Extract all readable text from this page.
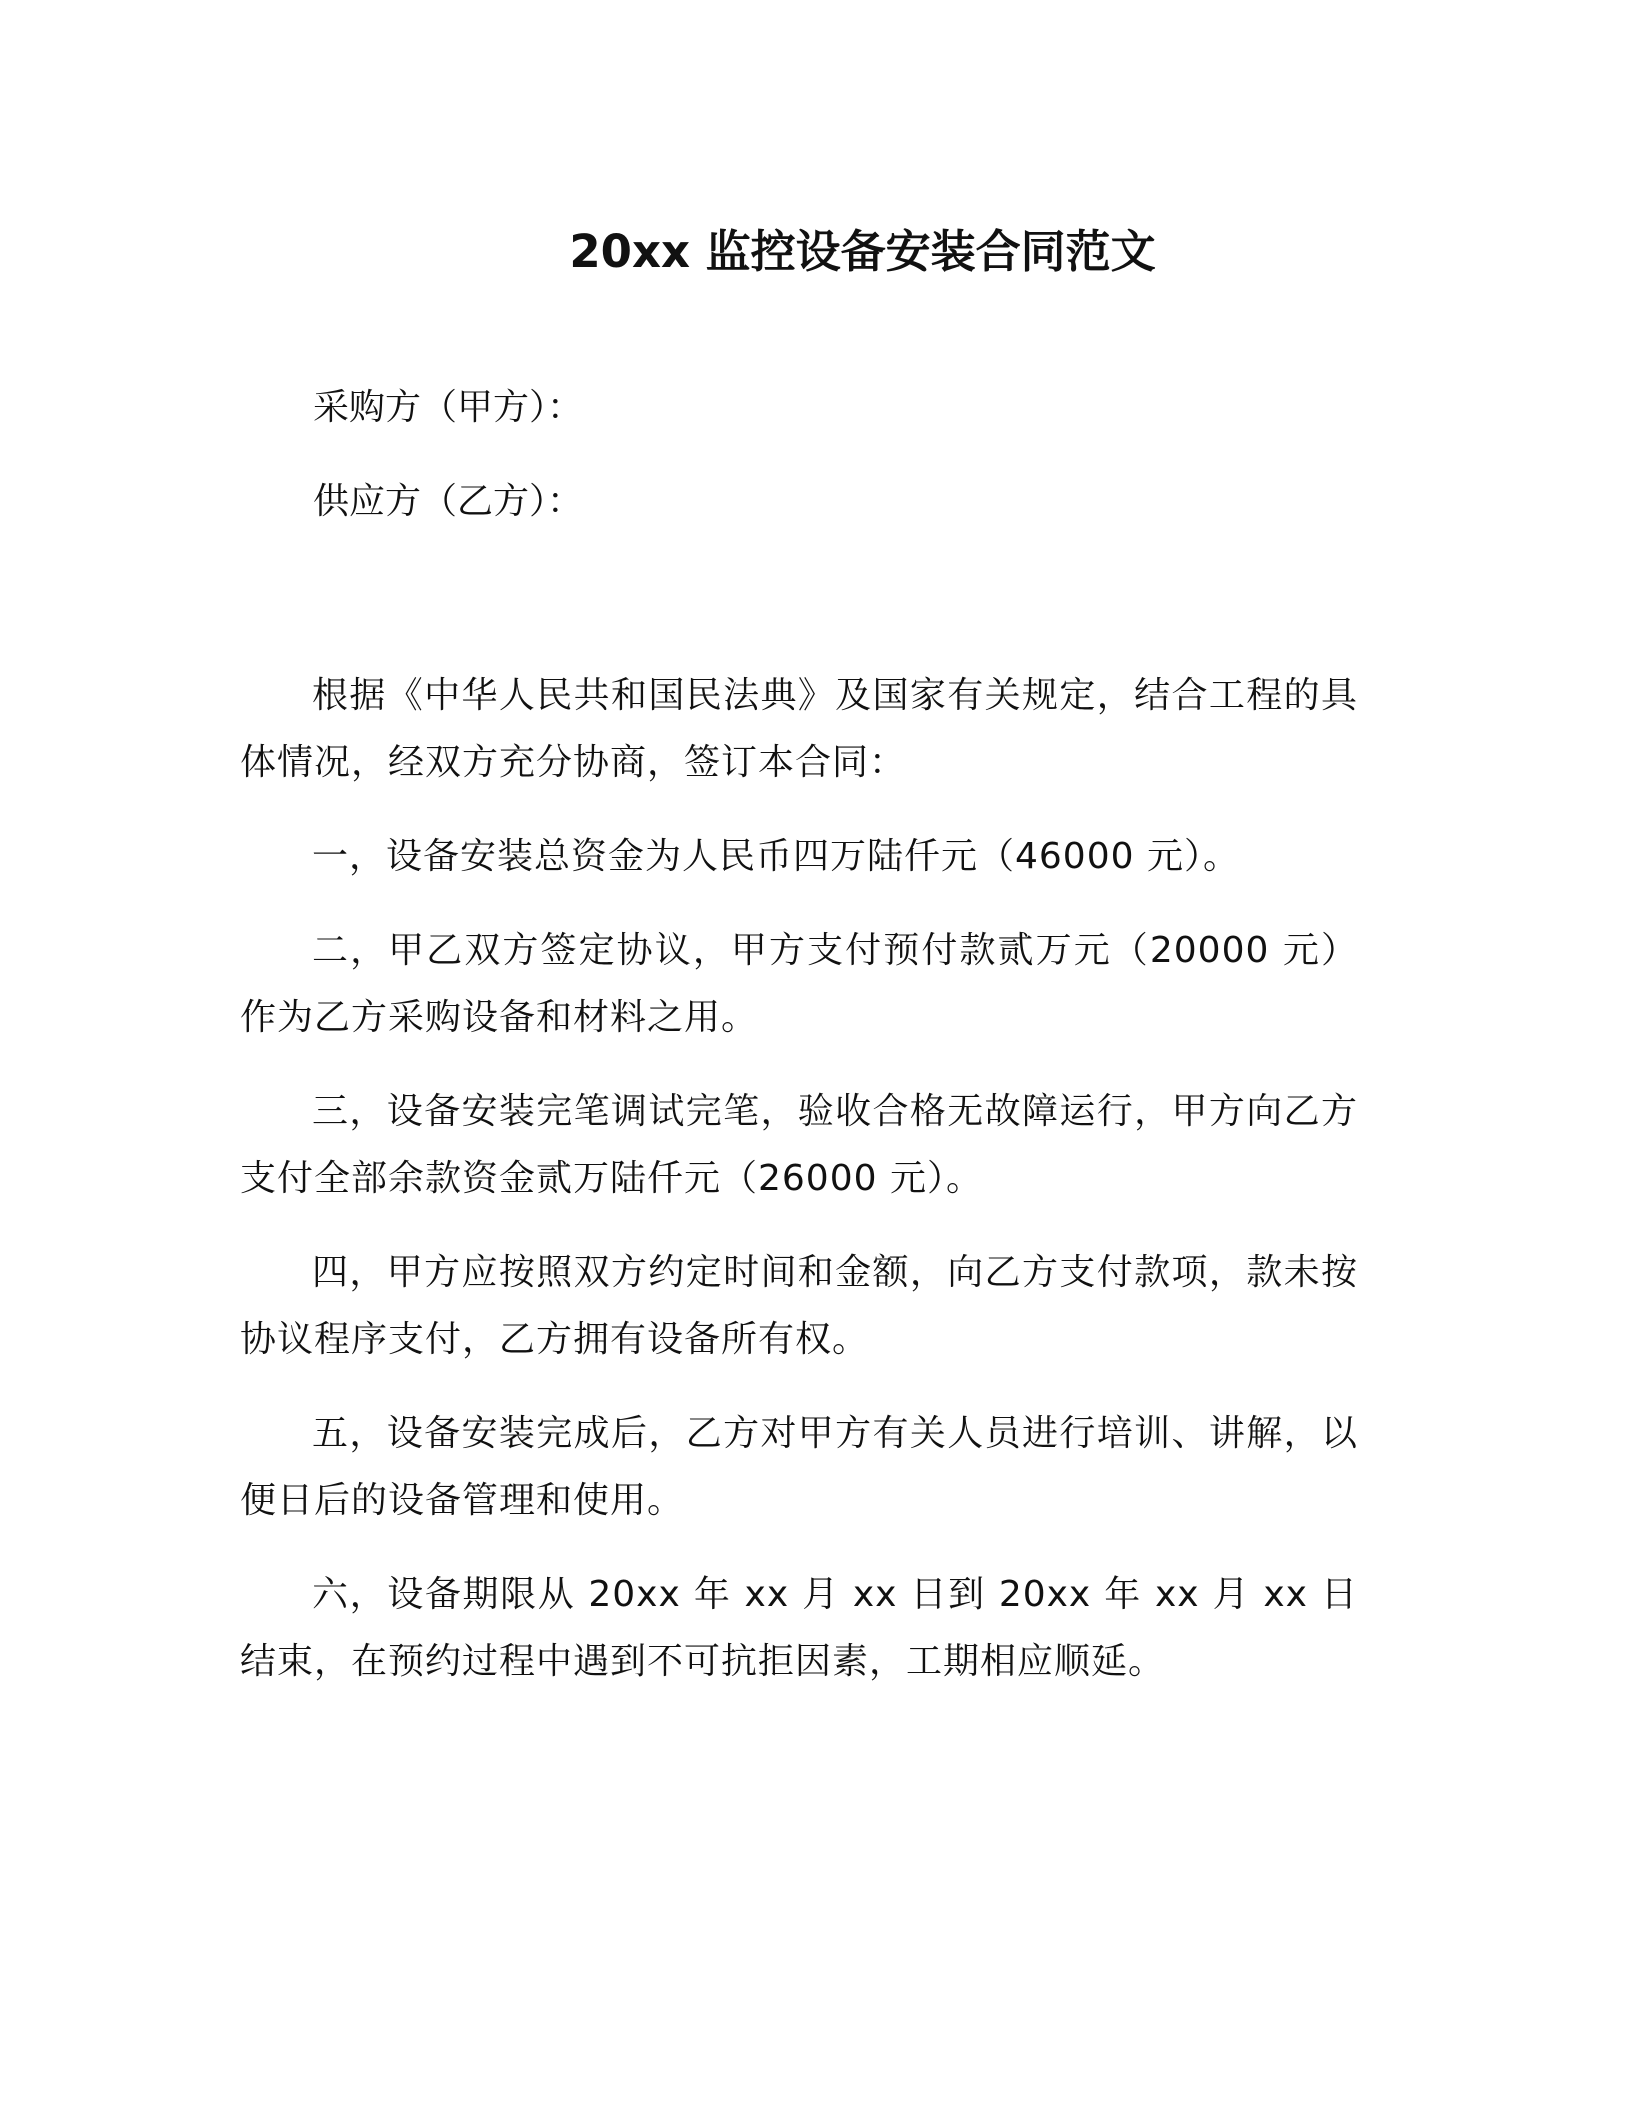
20xx 监控设备安装合同范文
采购方（甲方）：
供应方（乙方）：

根据《中华人民共和国民法典》及国家有关规定，结合工程的具体情况，经双方充分协商，签订本合同：

一，设备安装总资金为人民币四万陆仟元（46000 元）。

二，甲乙双方签定协议，甲方支付预付款贰万元（20000 元）作为乙方采购设备和材料之用。

三，设备安装完笔调试完笔，验收合格无故障运行，甲方向乙方支付全部余款资金贰万陆仟元（26000 元）。

四，甲方应按照双方约定时间和金额，向乙方支付款项，款未按协议程序支付，乙方拥有设备所有权。

五，设备安装完成后，乙方对甲方有关人员进行培训、讲解，以便日后的设备管理和使用。

六，设备期限从 20xx 年 xx 月 xx 日到 20xx 年 xx 月 xx 日结束，在预约过程中遇到不可抗拒因素，工期相应顺延。
